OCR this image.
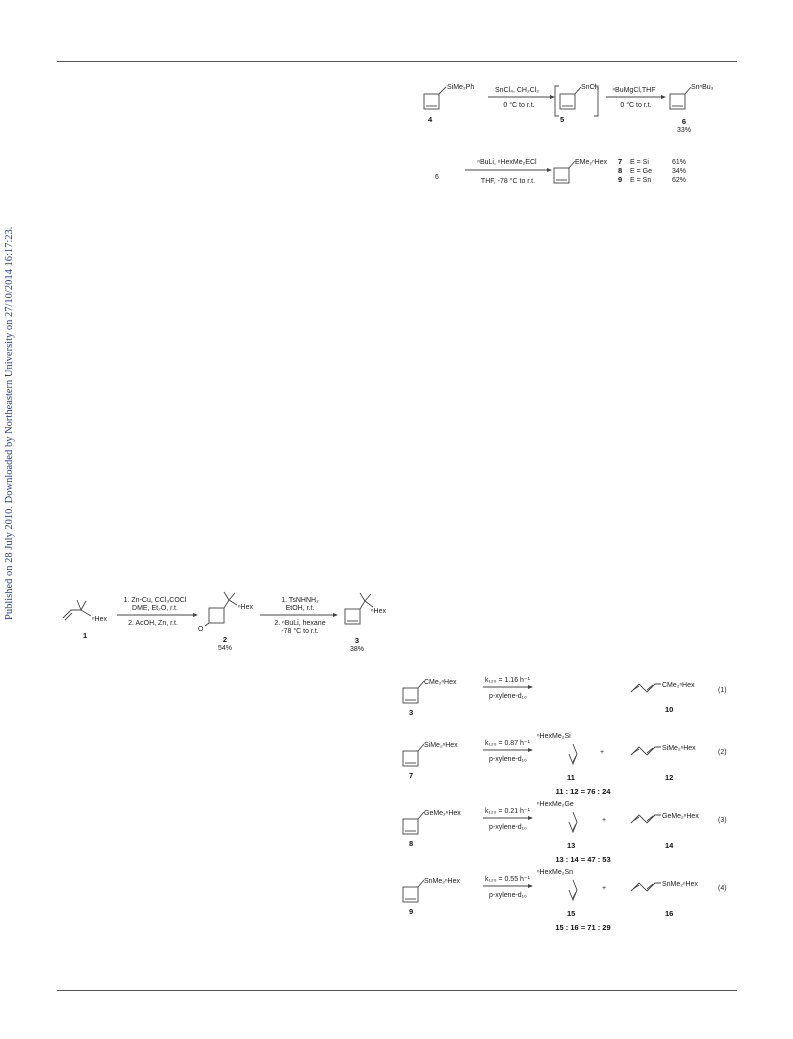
Published on 28 July 2010. Downloaded by Northeastern University on 27/10/2014 16:17:23.
SiMe₂Ph
4
SnCl₄, CH₂Cl₂
0 °C to r.t.
SnCl₃
5
ⁿBuMgCl,THF
0 °C to r.t.
SnⁿBu₃
6
33%
6
ⁿBuLi, ⁿHexMe₂ECl
THF, -78 °C to r.t.
EMe₂ⁿHex 7 E = Si	61%
8 E = Ge	34%
9 E = Sn	62%
ⁿHex
1
1. Zn-Cu, CCl₃COCl
DME, Et₂O, r.t.
2. AcOH, Zn, r.t.
O
ⁿHex
2
54%
1. TsNHNH₂
EtOH, r.t.
2. ⁿBuLi, hexane
-78 °C to r.t.
ⁿHex
3
38%
CMe₂ⁿHex
3
k₁₂₀ = 1.16 h⁻¹
p-xylene-d₁₀
CMe₂ⁿHex
10
(1)
SiMe₂ⁿHex
7
k₁₂₀ = 0.87 h⁻¹
p-xylene-d₁₀
ⁿHexMe₂Si
11
+
SiMe₂ⁿHex
12
(2)
11 : 12 = 76 : 24
GeMe₂ⁿHex
8
k₁₂₀ = 0.21 h⁻¹
p-xylene-d₁₀
ⁿHexMe₂Ge
13
+
GeMe₂ⁿHex
14
(3)
13 : 14 = 47 : 53
SnMe₂ⁿHex
9
k₁₂₀ = 0.55 h⁻¹
p-xylene-d₁₀
ⁿHexMe₂Sn
15
+
SnMe₂ⁿHex
16
(4)
15 : 16 = 71 : 29
